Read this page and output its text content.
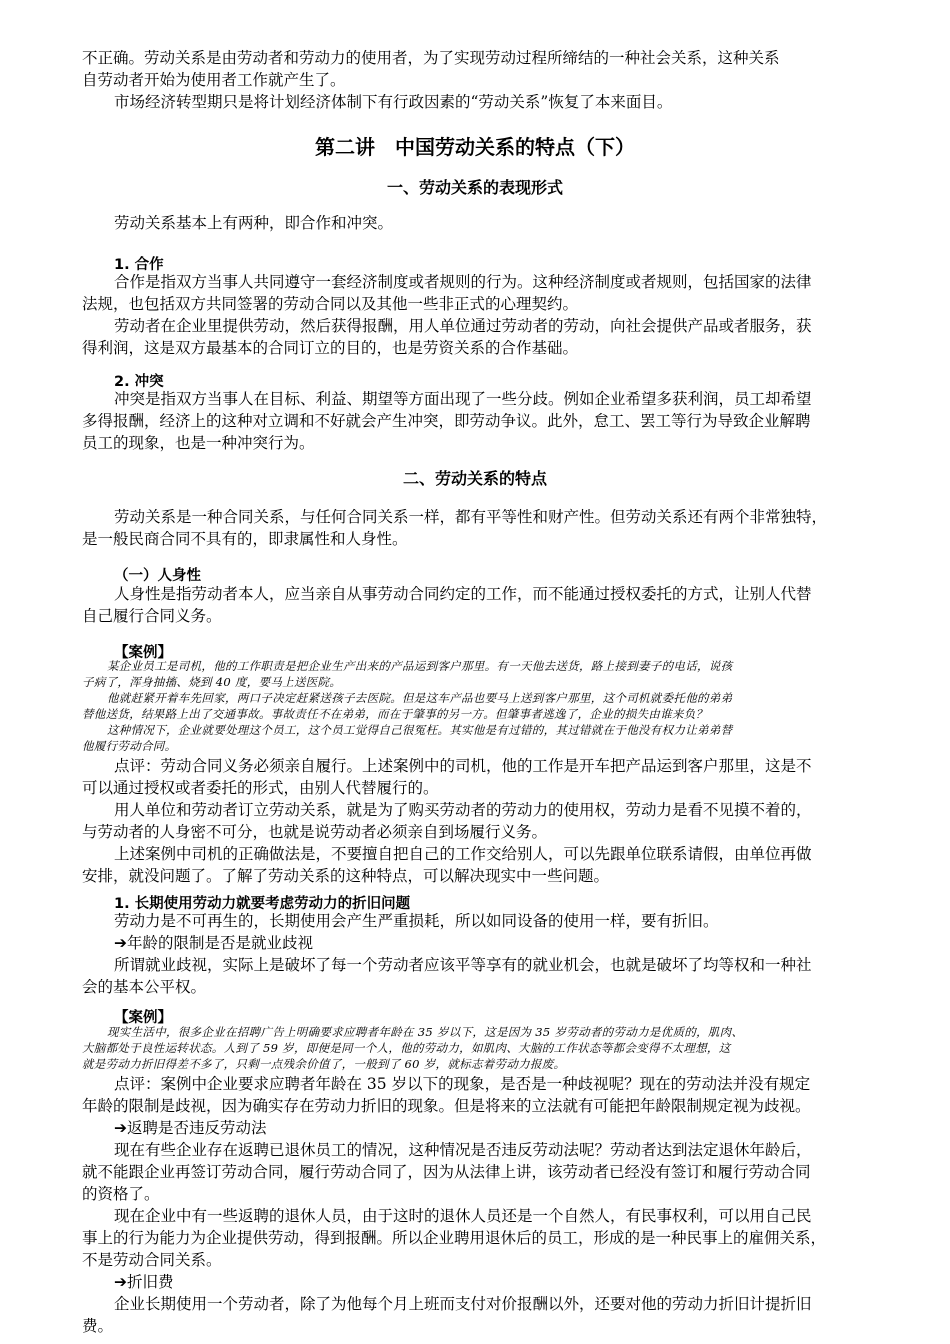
不正确。劳动关系是由劳动者和劳动力的使用者，为了实现劳动过程所缔结的一种社会关系，这种关系

自劳动者开始为使用者工作就产生了。

市场经济转型期只是将计划经济体制下有行政因素的“劳动关系”恢复了本来面目。

第二讲　中国劳动关系的特点（下）
一、劳动关系的表现形式

劳动关系基本上有两种，即合作和冲突。

1. 合作

合作是指双方当事人共同遵守一套经济制度或者规则的行为。这种经济制度或者规则，包括国家的法律

法规，也包括双方共同签署的劳动合同以及其他一些非正式的心理契约。

劳动者在企业里提供劳动，然后获得报酬，用人单位通过劳动者的劳动，向社会提供产品或者服务，获

得利润，这是双方最基本的合同订立的目的，也是劳资关系的合作基础。

2. 冲突

冲突是指双方当事人在目标、利益、期望等方面出现了一些分歧。例如企业希望多获利润，员工却希望

多得报酬，经济上的这种对立调和不好就会产生冲突，即劳动争议。此外，怠工、罢工等行为导致企业解聘

员工的现象，也是一种冲突行为。

二、劳动关系的特点

劳动关系是一种合同关系，与任何合同关系一样，都有平等性和财产性。但劳动关系还有两个非常独特，

是一般民商合同不具有的，即隶属性和人身性。

（一）人身性

人身性是指劳动者本人，应当亲自从事劳动合同约定的工作，而不能通过授权委托的方式，让别人代替

自己履行合同义务。

【案例】

某企业员工是司机，他的工作职责是把企业生产出来的产品运到客户那里。有一天他去送货，路上接到妻子的电话，说孩

子病了，浑身抽搐、烧到 40 度，要马上送医院。

他就赶紧开着车先回家，两口子决定赶紧送孩子去医院。但是这车产品也要马上送到客户那里，这个司机就委托他的弟弟

替他送货，结果路上出了交通事故。事故责任不在弟弟，而在于肇事的另一方。但肇事者逃逸了，企业的损失由谁来负？

这种情况下，企业就要处理这个员工，这个员工觉得自己很冤枉。其实他是有过错的，其过错就在于他没有权力让弟弟替

他履行劳动合同。

点评：劳动合同义务必须亲自履行。上述案例中的司机，他的工作是开车把产品运到客户那里，这是不

可以通过授权或者委托的形式，由别人代替履行的。

用人单位和劳动者订立劳动关系，就是为了购买劳动者的劳动力的使用权，劳动力是看不见摸不着的，

与劳动者的人身密不可分，也就是说劳动者必须亲自到场履行义务。

上述案例中司机的正确做法是，不要擅自把自己的工作交给别人，可以先跟单位联系请假，由单位再做

安排，就没问题了。了解了劳动关系的这种特点，可以解决现实中一些问题。

1. 长期使用劳动力就要考虑劳动力的折旧问题

劳动力是不可再生的，长期使用会产生严重损耗，所以如同设备的使用一样，要有折旧。

➔年龄的限制是否是就业歧视

所谓就业歧视，实际上是破坏了每一个劳动者应该平等享有的就业机会，也就是破坏了均等权和一种社

会的基本公平权。

【案例】

现实生活中，很多企业在招聘广告上明确要求应聘者年龄在 35 岁以下，这是因为 35 岁劳动者的劳动力是优质的，肌肉、

大脑都处于良性运转状态。人到了 59 岁，即便是同一个人，他的劳动力，如肌肉、大脑的工作状态等都会变得不太理想，这

就是劳动力折旧得差不多了，只剩一点残余价值了，一般到了 60 岁，就标志着劳动力报废。

点评：案例中企业要求应聘者年龄在 35 岁以下的现象，是否是一种歧视呢？现在的劳动法并没有规定

年龄的限制是歧视，因为确实存在劳动力折旧的现象。但是将来的立法就有可能把年龄限制规定视为歧视。

➔返聘是否违反劳动法

现在有些企业存在返聘已退休员工的情况，这种情况是否违反劳动法呢？劳动者达到法定退休年龄后，

就不能跟企业再签订劳动合同，履行劳动合同了，因为从法律上讲，该劳动者已经没有签订和履行劳动合同

的资格了。

现在企业中有一些返聘的退休人员，由于这时的退休人员还是一个自然人，有民事权利，可以用自己民

事上的行为能力为企业提供劳动，得到报酬。所以企业聘用退休后的员工，形成的是一种民事上的雇佣关系，

不是劳动合同关系。

➔折旧费

企业长期使用一个劳动者，除了为他每个月上班而支付对价报酬以外，还要对他的劳动力折旧计提折旧

费。
